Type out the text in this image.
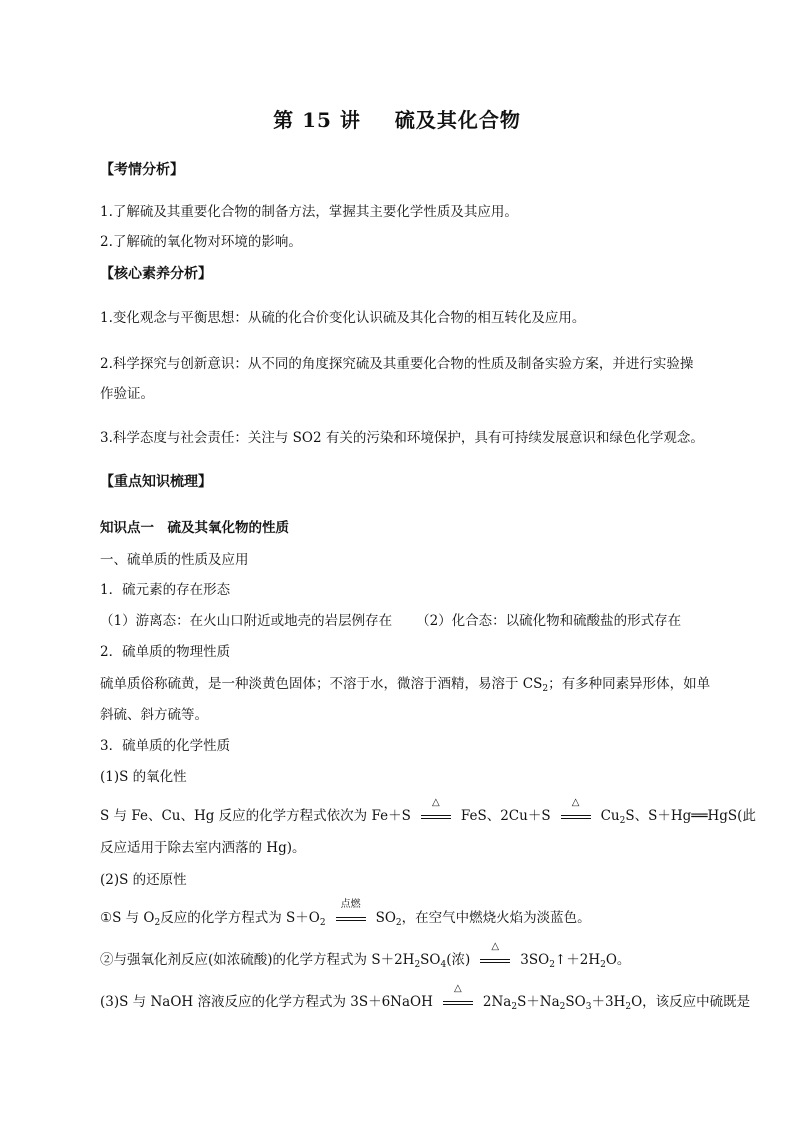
第 15 讲 硫及其化合物
【考情分析】
1.了解硫及其重要化合物的制备方法，掌握其主要化学性质及其应用。
2.了解硫的氧化物对环境的影响。
【核心素养分析】
1.变化观念与平衡思想：从硫的化合价变化认识硫及其化合物的相互转化及应用。
2.科学探究与创新意识：从不同的角度探究硫及其重要化合物的性质及制备实验方案，并进行实验操
作验证。
3.科学态度与社会责任：关注与 SO2 有关的污染和环境保护，具有可持续发展意识和绿色化学观念。
【重点知识梳理】
知识点一　硫及其氧化物的性质
一、硫单质的性质及应用
1．硫元素的存在形态
（1）游离态：在火山口附近或地壳的岩层例存在 （2）化合态：以硫化物和硫酸盐的形式存在
2．硫单质的物理性质
硫单质俗称硫黄，是一种淡黄色固体；不溶于水，微溶于酒精，易溶于 $CS_2$；有多种同素异形体，如单
斜硫、斜方硫等。
3．硫单质的化学性质
(1)S 的氧化性
S 与 Fe、Cu、Hg 反应的化学方程式依次为 Fe＋S
△
FeS、2Cu＋S
△
$Cu_2S$、S＋Hg══HgS(此
反应适用于除去室内洒落的 Hg)。
(2)S 的还原性
①S 与 $O_2$反应的化学方程式为 $S+O_2$
点燃
$SO_2$，在空气中燃烧火焰为淡蓝色。
②与强氧化剂反应(如浓硫酸)的化学方程式为 $S+2H_2SO_4$(浓)
△
$3SO_2↑+2H_2O$。
(3)S 与 NaOH 溶液反应的化学方程式为 3S＋6NaOH
△
$2Na_2S+Na_2SO_3+3H_2O$，该反应中硫既是
